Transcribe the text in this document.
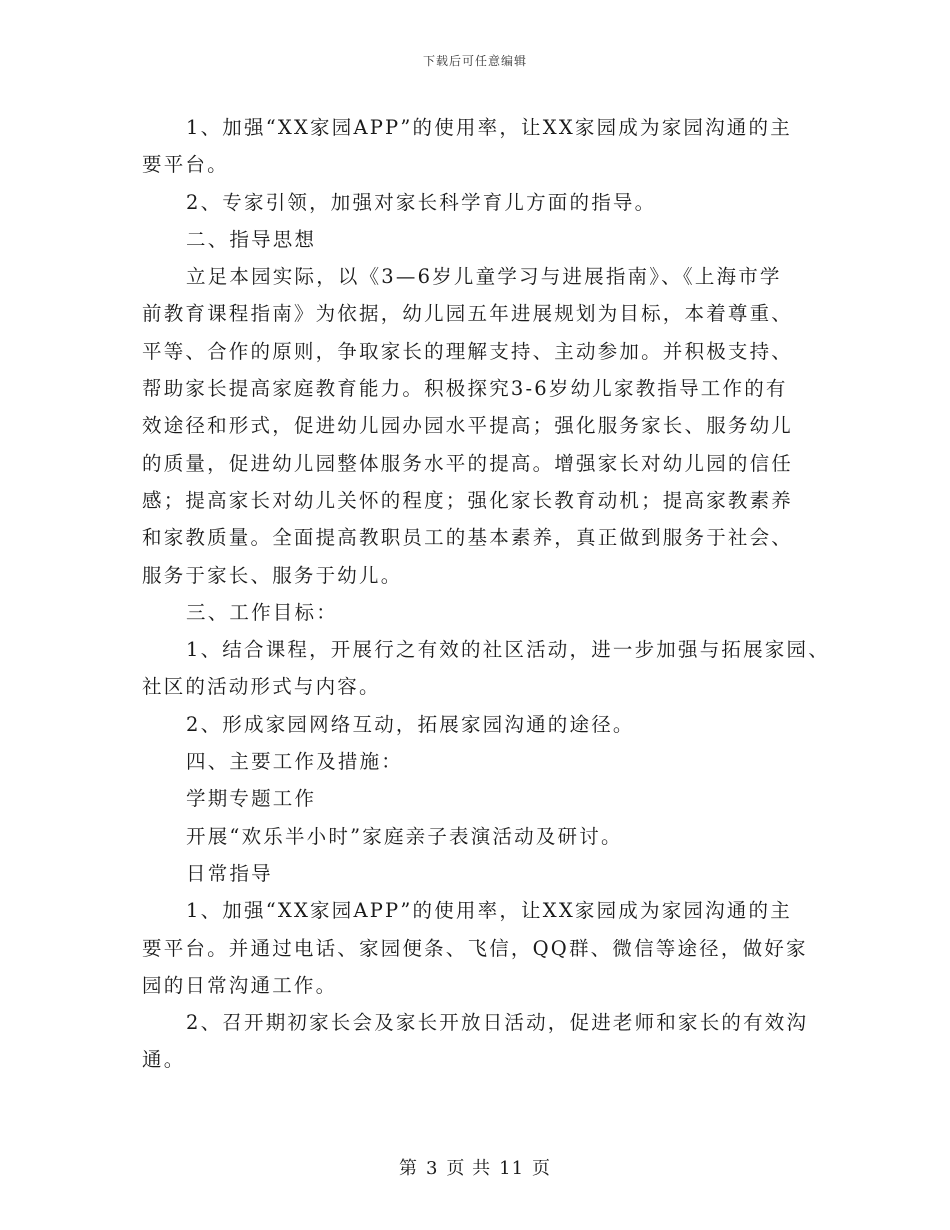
下载后可任意编辑
1、加强“XX家园APP”的使用率，让XX家园成为家园沟通的主
要平台。
2、专家引领，加强对家长科学育儿方面的指导。
二、指导思想
立足本园实际，以《3—6岁儿童学习与进展指南》、《上海市学
前教育课程指南》为依据，幼儿园五年进展规划为目标，本着尊重、
平等、合作的原则，争取家长的理解支持、主动参加。并积极支持、
帮助家长提高家庭教育能力。积极探究3-6岁幼儿家教指导工作的有
效途径和形式，促进幼儿园办园水平提高；强化服务家长、服务幼儿
的质量，促进幼儿园整体服务水平的提高。增强家长对幼儿园的信任
感；提高家长对幼儿关怀的程度；强化家长教育动机；提高家教素养
和家教质量。全面提高教职员工的基本素养，真正做到服务于社会、
服务于家长、服务于幼儿。
三、工作目标：
1、结合课程，开展行之有效的社区活动，进一步加强与拓展家园、
社区的活动形式与内容。
2、形成家园网络互动，拓展家园沟通的途径。
四、主要工作及措施：
学期专题工作
开展“欢乐半小时”家庭亲子表演活动及研讨。
日常指导
1、加强“XX家园APP”的使用率，让XX家园成为家园沟通的主
要平台。并通过电话、家园便条、飞信，QQ群、微信等途径，做好家
园的日常沟通工作。
2、召开期初家长会及家长开放日活动，促进老师和家长的有效沟
通。
第 3 页 共 11 页
